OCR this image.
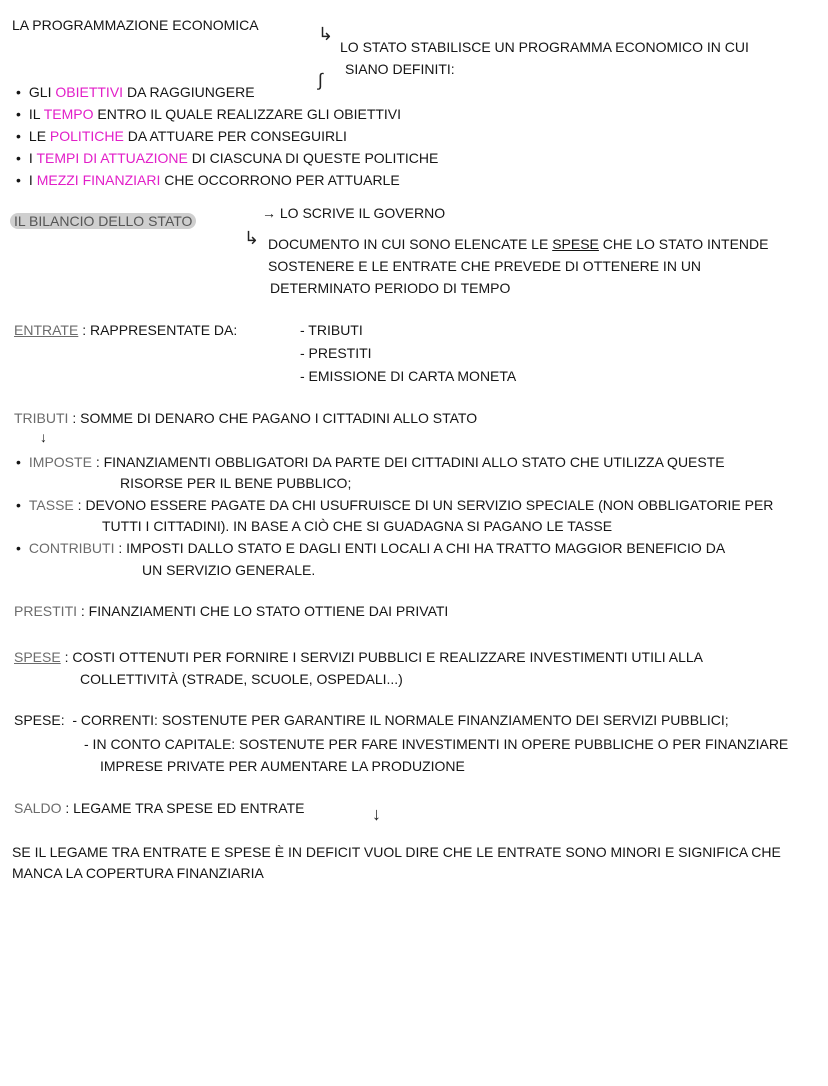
LA PROGRAMMAZIONE ECONOMICA	↳
LO STATO STABILISCE UN PROGRAMMA ECONOMICO IN CUI
SIANO DEFINITI:
∫
• GLI OBIETTIVI DA RAGGIUNGERE
• IL TEMPO ENTRO IL QUALE REALIZZARE GLI OBIETTIVI
• LE POLITICHE DA ATTUARE PER CONSEGUIRLI
• I TEMPI DI ATTUAZIONE DI CIASCUNA DI QUESTE POLITICHE
• I MEZZI FINANZIARI CHE OCCORRONO PER ATTUARLE
IL BILANCIO DELLO STATO	→ LO SCRIVE IL GOVERNO
↳ DOCUMENTO IN CUI SONO ELENCATE LE SPESE CHE LO STATO INTENDE
SOSTENERE E LE ENTRATE CHE PREVEDE DI OTTENERE IN UN
DETERMINATO PERIODO DI TEMPO
ENTRATE : RAPPRESENTATE DA:	- TRIBUTI
- PRESTITI
- EMISSIONE DI CARTA MONETA
TRIBUTI : SOMME DI DENARO CHE PAGANO I CITTADINI ALLO STATO
↓
• IMPOSTE : FINANZIAMENTI OBBLIGATORI DA PARTE DEI CITTADINI ALLO STATO CHE UTILIZZA QUESTE
RISORSE PER IL BENE PUBBLICO;
• TASSE : DEVONO ESSERE PAGATE DA CHI USUFRUISCE DI UN SERVIZIO SPECIALE (NON OBBLIGATORIE PER
TUTTI I CITTADINI). IN BASE A CIÒ CHE SI GUADAGNA SI PAGANO LE TASSE
• CONTRIBUTI : IMPOSTI DALLO STATO E DAGLI ENTI LOCALI A CHI HA TRATTO MAGGIOR BENEFICIO DA
UN SERVIZIO GENERALE.
PRESTITI : FINANZIAMENTI CHE LO STATO OTTIENE DAI PRIVATI
SPESE : COSTI OTTENUTI PER FORNIRE I SERVIZI PUBBLICI E REALIZZARE INVESTIMENTI UTILI ALLA
COLLETTIVITÀ (STRADE, SCUOLE, OSPEDALI...)
SPESE: - CORRENTI: SOSTENUTE PER GARANTIRE IL NORMALE FINANZIAMENTO DEI SERVIZI PUBBLICI;
- IN CONTO CAPITALE: SOSTENUTE PER FARE INVESTIMENTI IN OPERE PUBBLICHE O PER FINANZIARE
IMPRESE PRIVATE PER AUMENTARE LA PRODUZIONE
SALDO : LEGAME TRA SPESE ED ENTRATE	↓
SE IL LEGAME TRA ENTRATE E SPESE È IN DEFICIT VUOL DIRE CHE LE ENTRATE SONO MINORI E SIGNIFICA CHE
MANCA LA COPERTURA FINANZIARIA
